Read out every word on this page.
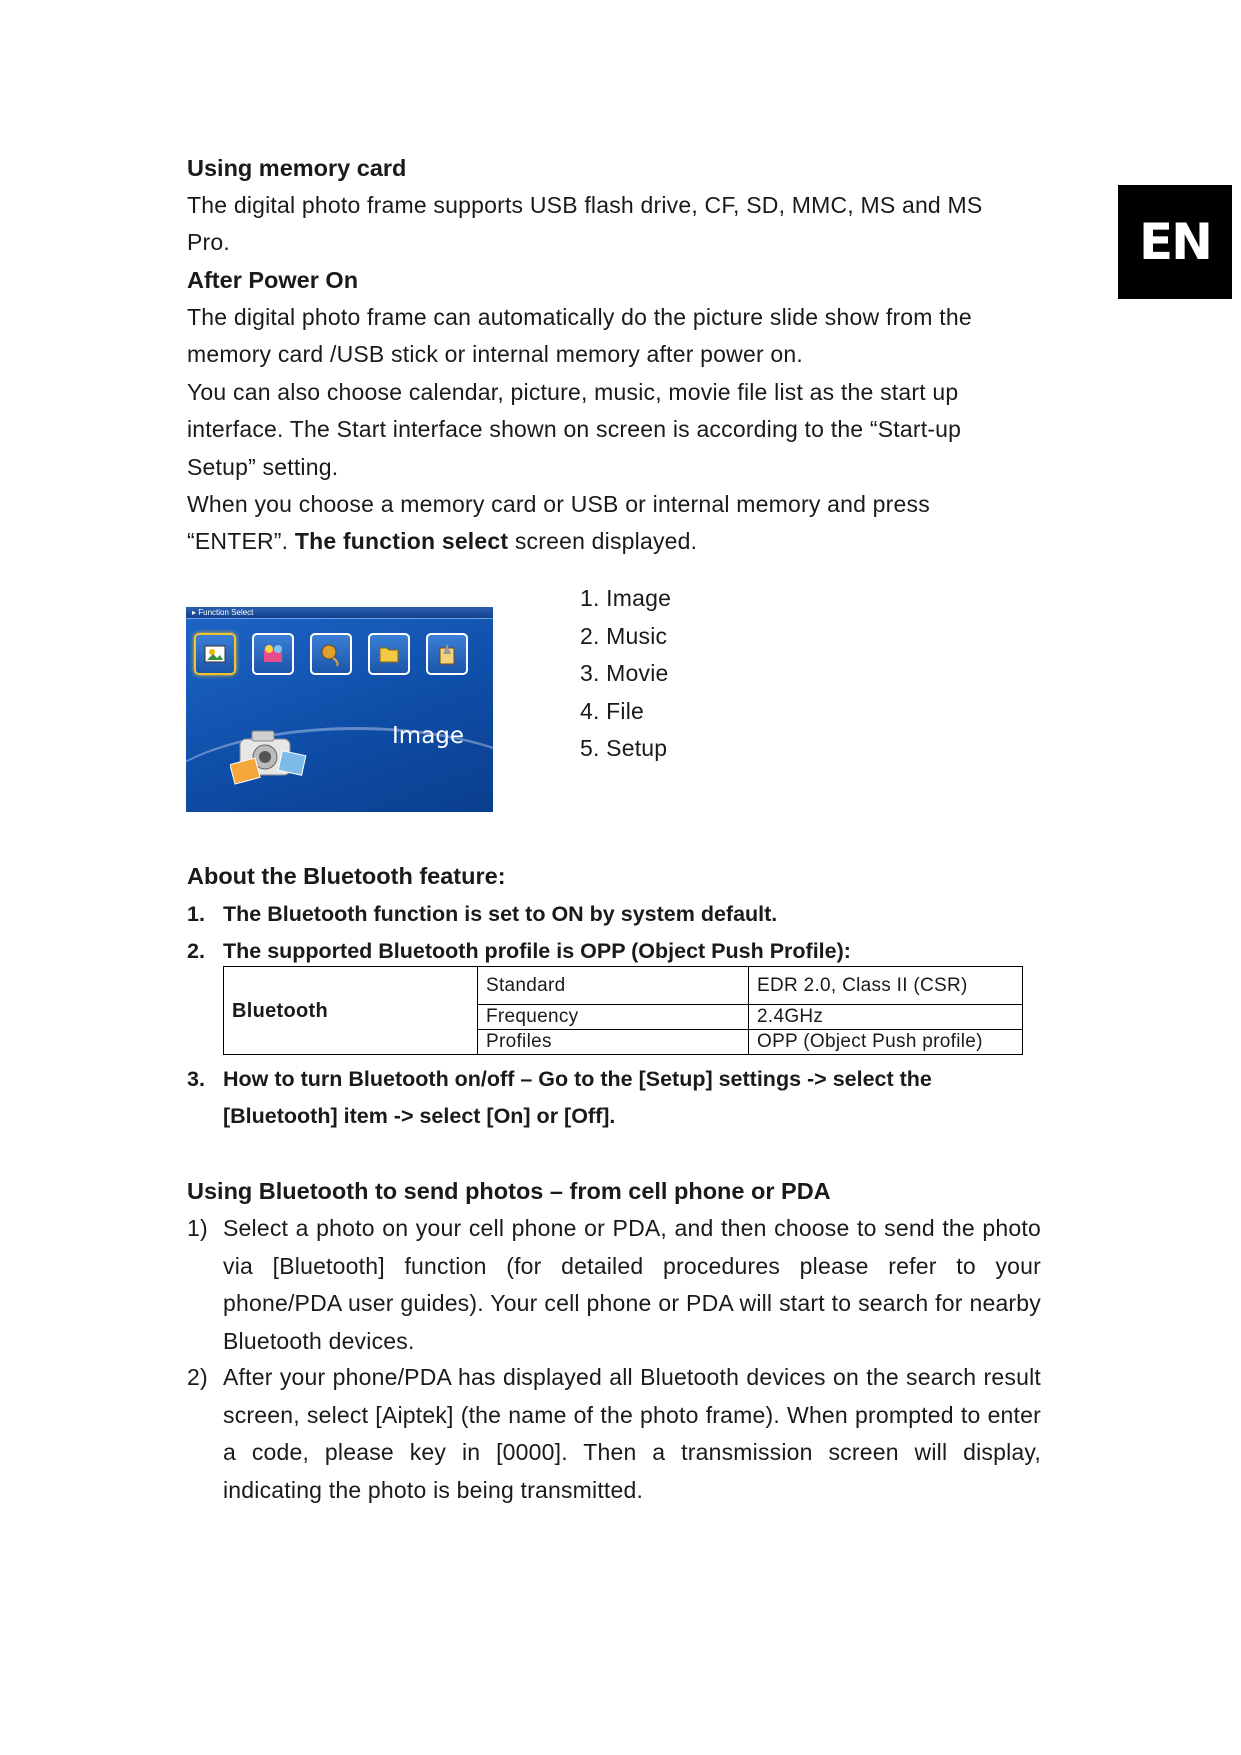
EN
Using memory card
The digital photo frame supports USB flash drive, CF, SD, MMC, MS and MS
Pro.
After Power On
The digital photo frame can automatically do the picture slide show from the
memory card /USB stick or internal memory after power on.
You can also choose calendar, picture, music, movie file list as the start up
interface. The Start interface shown on screen is according to the “Start-up
Setup” setting.
When you choose a memory card or USB or internal memory and press
“ENTER”. The function select screen displayed.
▸ Function Select
Image
1. Image
2. Music
3. Movie
4. File
5. Setup
About the Bluetooth feature:
1. The Bluetooth function is set to ON by system default.
2. The supported Bluetooth profile is OPP (Object Push Profile):
Bluetooth	Standard	EDR 2.0, Class II (CSR)
	Frequency	2.4GHz
	Profiles	OPP (Object Push profile)
3. How to turn Bluetooth on/off – Go to the [Setup] settings -> select the
[Bluetooth] item -> select [On] or [Off].
Using Bluetooth to send photos – from cell phone or PDA
1) Select a photo on your cell phone or PDA, and then choose to send the photo via [Bluetooth] function (for detailed procedures please refer to your phone/PDA user guides). Your cell phone or PDA will start to search for nearby Bluetooth devices.
2) After your phone/PDA has displayed all Bluetooth devices on the search result screen, select [Aiptek] (the name of the photo frame). When prompted to enter a code, please key in [0000]. Then a transmission screen will display, indicating the photo is being transmitted.
